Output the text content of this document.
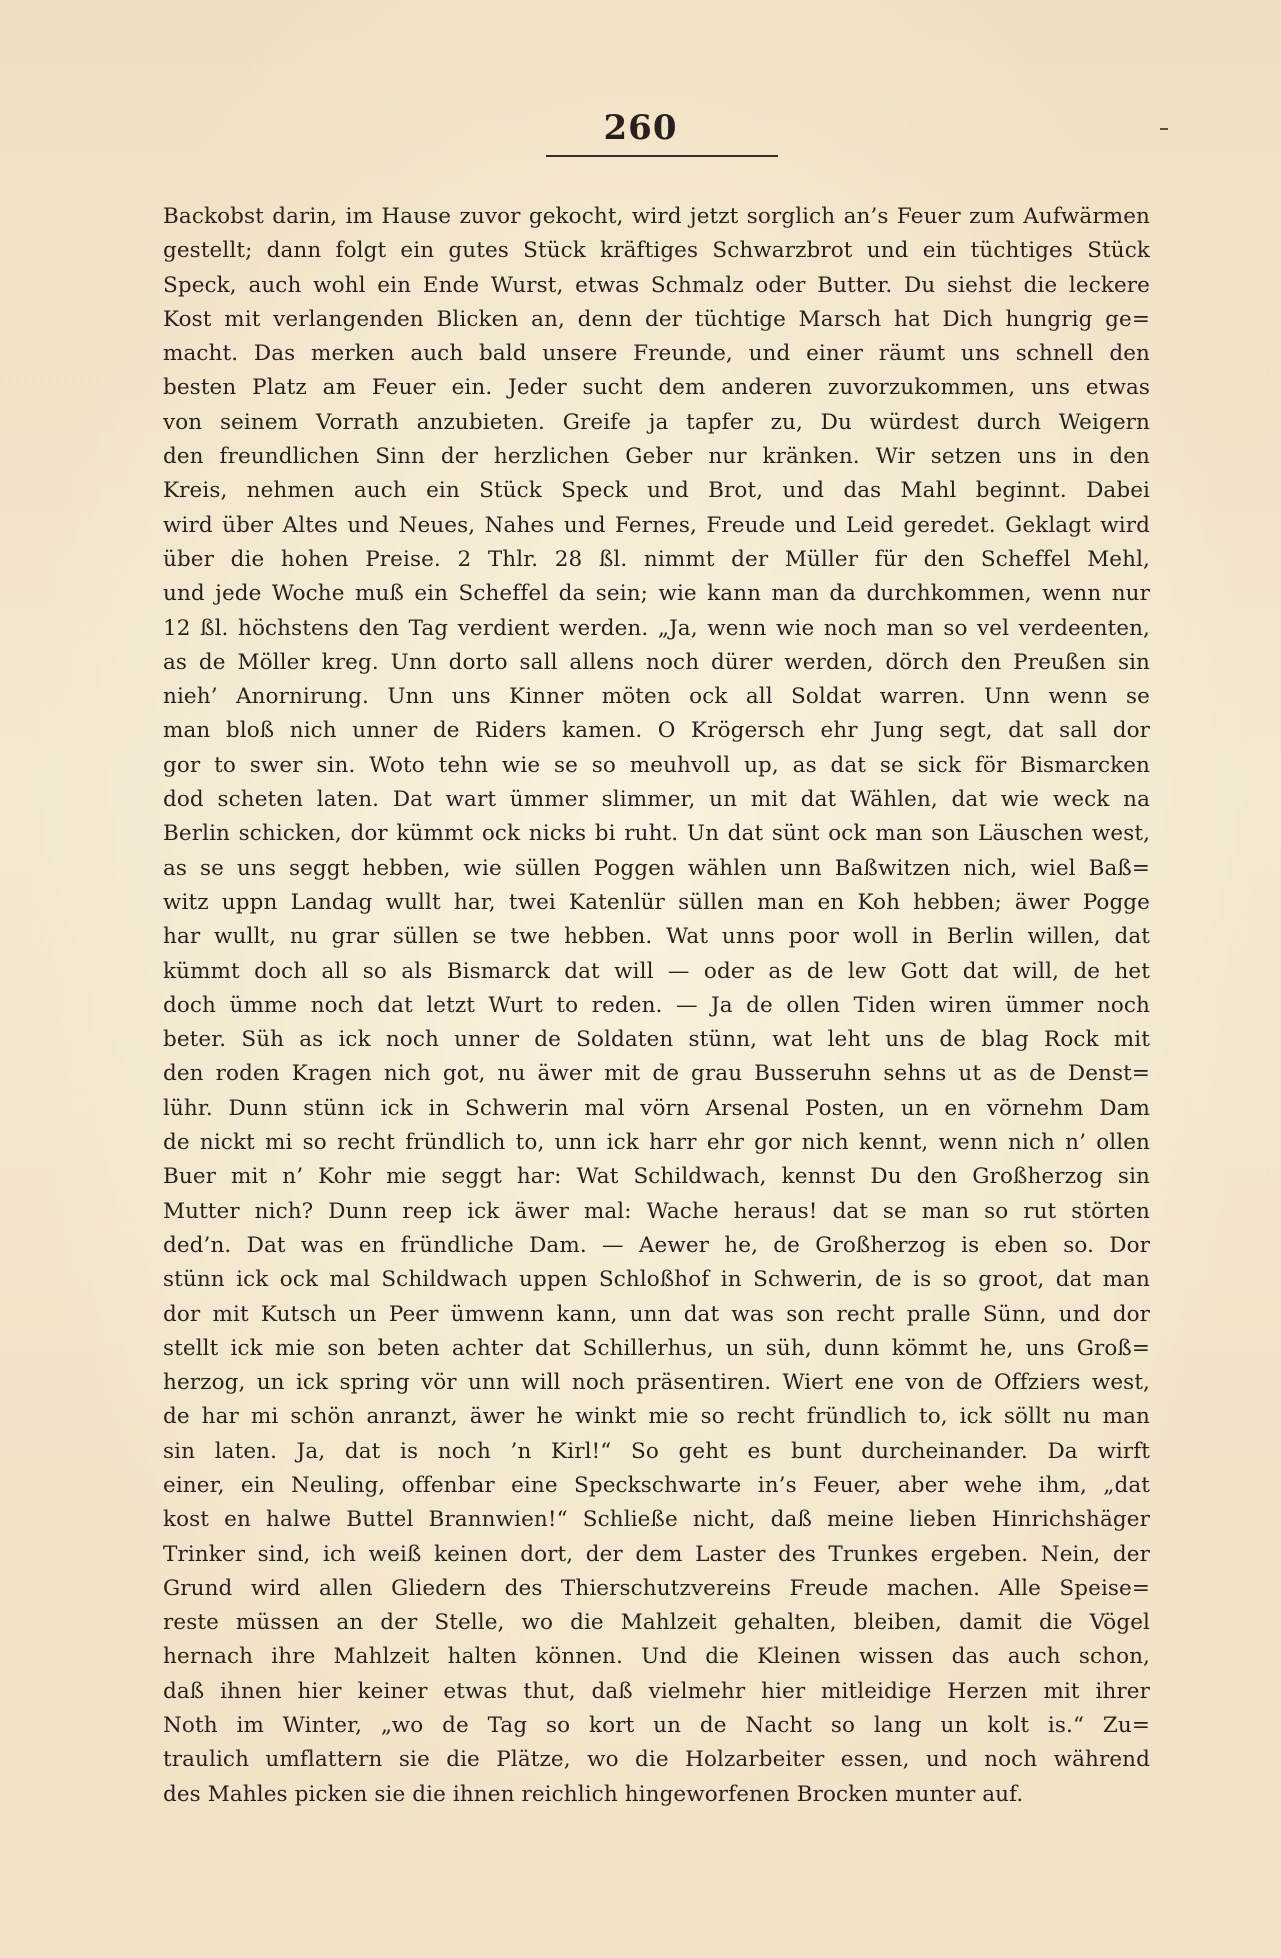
260
Backobst darin, im Hause zuvor gekocht, wird jetzt sorglich an’s Feuer zum Aufwärmen
gestellt; dann folgt ein gutes Stück kräftiges Schwarzbrot und ein tüchtiges Stück
Speck, auch wohl ein Ende Wurst, etwas Schmalz oder Butter. Du siehst die leckere
Kost mit verlangenden Blicken an, denn der tüchtige Marsch hat Dich hungrig ge=
macht. Das merken auch bald unsere Freunde, und einer räumt uns schnell den
besten Platz am Feuer ein. Jeder sucht dem anderen zuvorzukommen, uns etwas
von seinem Vorrath anzubieten. Greife ja tapfer zu, Du würdest durch Weigern
den freundlichen Sinn der herzlichen Geber nur kränken. Wir setzen uns in den
Kreis, nehmen auch ein Stück Speck und Brot, und das Mahl beginnt. Dabei
wird über Altes und Neues, Nahes und Fernes, Freude und Leid geredet. Geklagt wird
über die hohen Preise. 2 Thlr. 28 ßl. nimmt der Müller für den Scheffel Mehl,
und jede Woche muß ein Scheffel da sein; wie kann man da durchkommen, wenn nur
12 ßl. höchstens den Tag verdient werden. „Ja, wenn wie noch man so vel verdeenten,
as de Möller kreg. Unn dorto sall allens noch dürer werden, dörch den Preußen sin
nieh’ Anornirung. Unn uns Kinner möten ock all Soldat warren. Unn wenn se
man bloß nich unner de Riders kamen. O Krögersch ehr Jung segt, dat sall dor
gor to swer sin. Woto tehn wie se so meuhvoll up, as dat se sick för Bismarcken
dod scheten laten. Dat wart ümmer slimmer, un mit dat Wählen, dat wie weck na
Berlin schicken, dor kümmt ock nicks bi ruht. Un dat sünt ock man son Läuschen west,
as se uns seggt hebben, wie süllen Poggen wählen unn Baßwitzen nich, wiel Baß=
witz uppn Landag wullt har, twei Katenlür süllen man en Koh hebben; äwer Pogge
har wullt, nu grar süllen se twe hebben. Wat unns poor woll in Berlin willen, dat
kümmt doch all so als Bismarck dat will — oder as de lew Gott dat will, de het
doch ümme noch dat letzt Wurt to reden. — Ja de ollen Tiden wiren ümmer noch
beter. Süh as ick noch unner de Soldaten stünn, wat leht uns de blag Rock mit
den roden Kragen nich got, nu äwer mit de grau Busseruhn sehns ut as de Denst=
lühr. Dunn stünn ick in Schwerin mal vörn Arsenal Posten, un en vörnehm Dam
de nickt mi so recht fründlich to, unn ick harr ehr gor nich kennt, wenn nich n’ ollen
Buer mit n’ Kohr mie seggt har: Wat Schildwach, kennst Du den Großherzog sin
Mutter nich? Dunn reep ick äwer mal: Wache heraus! dat se man so rut störten
ded’n. Dat was en fründliche Dam. — Aewer he, de Großherzog is eben so. Dor
stünn ick ock mal Schildwach uppen Schloßhof in Schwerin, de is so groot, dat man
dor mit Kutsch un Peer ümwenn kann, unn dat was son recht pralle Sünn, und dor
stellt ick mie son beten achter dat Schillerhus, un süh, dunn kömmt he, uns Groß=
herzog, un ick spring vör unn will noch präsentiren. Wiert ene von de Offziers west,
de har mi schön anranzt, äwer he winkt mie so recht fründlich to, ick söllt nu man
sin laten. Ja, dat is noch ’n Kirl!“ So geht es bunt durcheinander. Da wirft
einer, ein Neuling, offenbar eine Speckschwarte in’s Feuer, aber wehe ihm, „dat
kost en halwe Buttel Brannwien!“ Schließe nicht, daß meine lieben Hinrichshäger
Trinker sind, ich weiß keinen dort, der dem Laster des Trunkes ergeben. Nein, der
Grund wird allen Gliedern des Thierschutzvereins Freude machen. Alle Speise=
reste müssen an der Stelle, wo die Mahlzeit gehalten, bleiben, damit die Vögel
hernach ihre Mahlzeit halten können. Und die Kleinen wissen das auch schon,
daß ihnen hier keiner etwas thut, daß vielmehr hier mitleidige Herzen mit ihrer
Noth im Winter, „wo de Tag so kort un de Nacht so lang un kolt is.“ Zu=
traulich umflattern sie die Plätze, wo die Holzarbeiter essen, und noch während
des Mahles picken sie die ihnen reichlich hingeworfenen Brocken munter auf.
